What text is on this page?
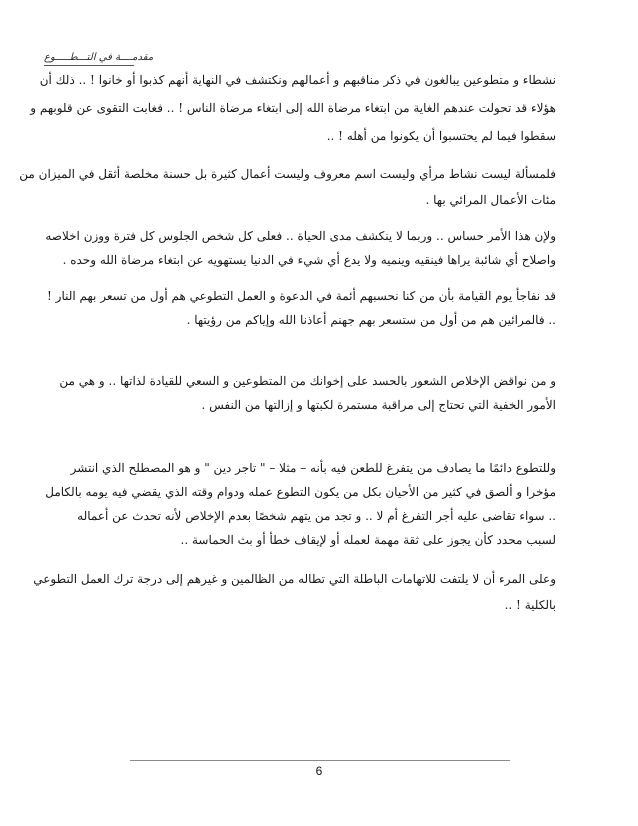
مقدمــــة في التـــطـــــوع
نشطاء و متطوعين يبالغون في ذكر مناقبهم و أعمالهم ونكتشف في النهاية أنهم كذبوا أو خانوا ! .. ذلك أن
هؤلاء قد تحولت عندهم الغاية من ابتغاء مرضاة الله إلى ابتغاء مرضاة الناس ! .. فغابت التقوى عن قلوبهم و
سقطوا فيما لم يحتسبوا أن يكونوا من أهله ! ..
فلمسألة ليست نشاط مرأي وليست اسم معروف وليست أعمال كثيرة بل حسنة مخلصة أثقل في الميزان من
مئات الأعمال المرائي بها .
ولإن هذا الأمر حساس .. وربما لا ينكشف مدى الحياة .. فعلى كل شخص الجلوس كل فترة ووزن اخلاصه
واصلاح أي شائبة يراها فينقيه وينميه ولا يدع أي شيء في الدنيا يستهويه عن ابتغاء مرضاة الله وحده .
قد نفاجأ يوم القيامة بأن من كنا نحسبهم أئمة في الدعوة و العمل التطوعي هم أول من تسعر بهم النار !
.. فالمرائين هم من أول من ستسعر بهم جهنم أعاذنا الله وإياكم من رؤيتها .
و من نواقض الإخلاص الشعور بالحسد على إخوانك من المتطوعين و السعي للقيادة لذاتها .. و هي من
الأمور الخفية التي تحتاج إلى مراقبة مستمرة لكبتها و إزالتها من النفس .
وللتطوع دائمًا ما يصادف من يتفرغ للطعن فيه بأنه – مثلا – " تاجر دين " و هو المصطلح الذي انتشر
مؤخرا و ألصق في كثير من الأحيان بكل من يكون التطوع عمله ودوام وقته الذي يقضي فيه يومه بالكامل
.. سواء تقاضى عليه أجر التفرغ أم لا .. و تجد من يتهم شخصًا بعدم الإخلاص لأنه تحدث عن أعماله
لسبب محدد كأن يجوز على ثقة مهمة لعمله أو لإيقاف خطأ أو بث الحماسة ..
وعلى المرء أن لا يلتفت للاتهامات الباطلة التي تطاله من الظالمين و غيرهم إلى درجة ترك العمل التطوعي
بالكلية ! ..
6
